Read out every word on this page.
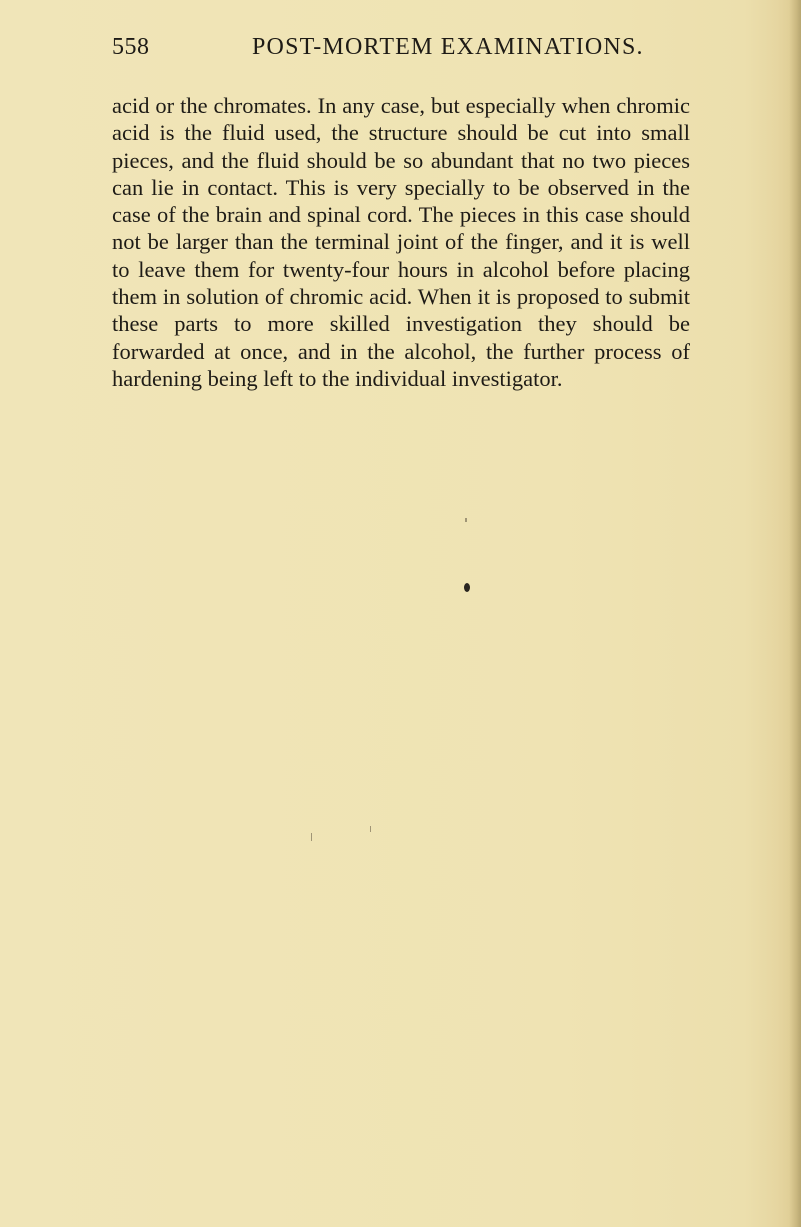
558	POST-MORTEM EXAMINATIONS.

acid or the chromates. In any case, but especially when chromic acid is the fluid used, the structure should be cut into small pieces, and the fluid should be so abundant that no two pieces can lie in contact. This is very specially to be observed in the case of the brain and spinal cord. The pieces in this case should not be larger than the terminal joint of the finger, and it is well to leave them for twenty-four hours in alcohol before placing them in solution of chromic acid. When it is proposed to submit these parts to more skilled investigation they should be forwarded at once, and in the alcohol, the further process of hardening being left to the individual investigator.
